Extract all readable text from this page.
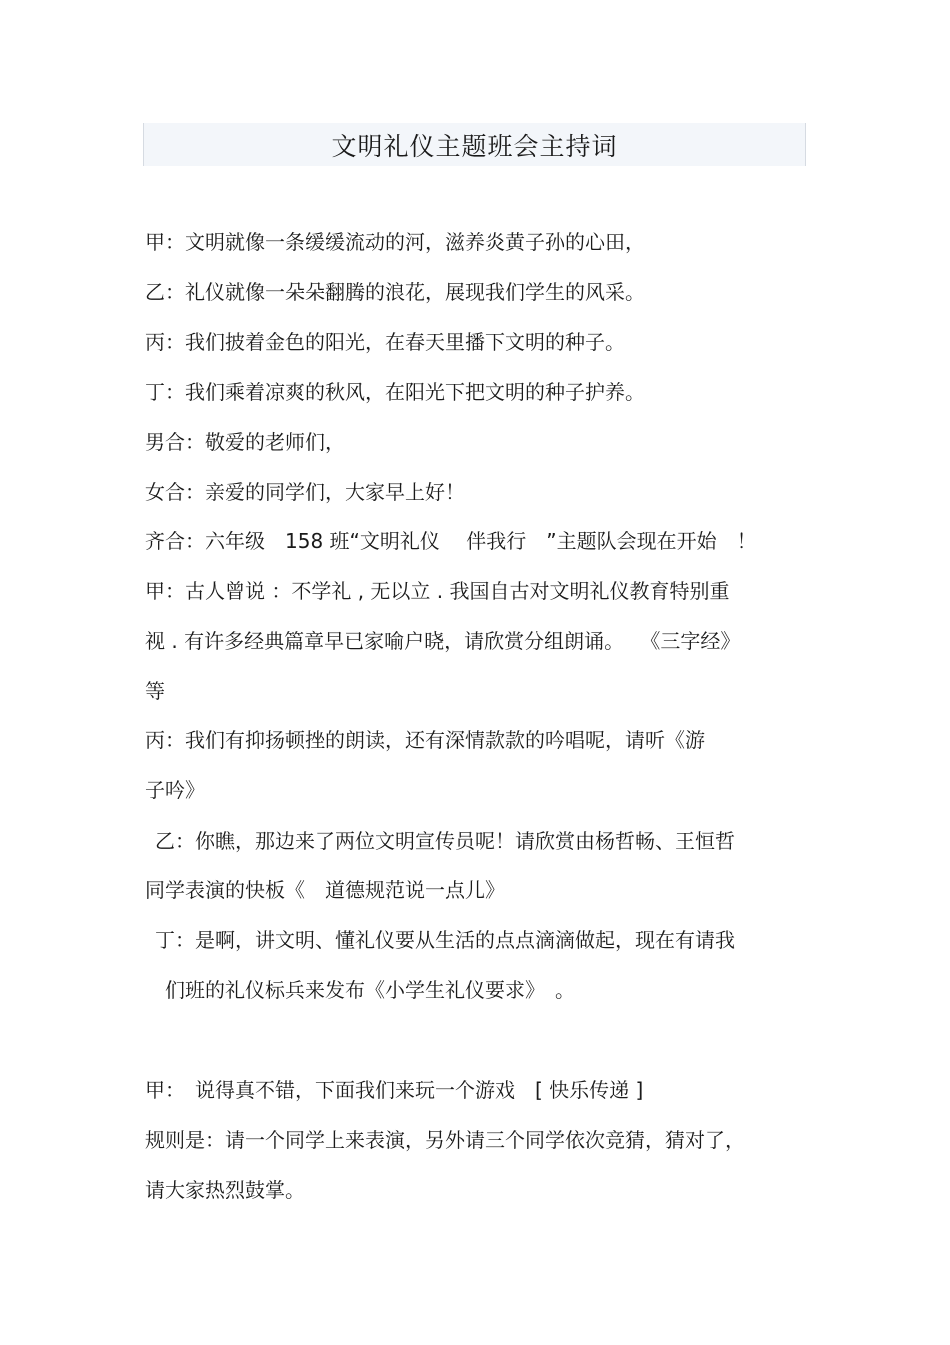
文明礼仪主题班会主持词
甲：文明就像一条缓缓流动的河，滋养炎黄子孙的心田，
乙：礼仪就像一朵朵翻腾的浪花，展现我们学生的风采。
丙：我们披着金色的阳光，在春天里播下文明的种子。
丁：我们乘着凉爽的秋风，在阳光下把文明的种子护养。
男合：敬爱的老师们，
女合：亲爱的同学们，大家早上好！
齐合：六年级　158 班“文明礼仪　 伴我行　”主题队会现在开始　！
甲：古人曾说 ：不学礼 , 无以立 . 我国自古对文明礼仪教育特别重
视 . 有许多经典篇章早已家喻户晓，请欣赏分组朗诵。　 《三字经》
等
丙：我们有抑扬顿挫的朗读，还有深情款款的吟唱呢，请听《游
子吟》
乙：你瞧，那边来了两位文明宣传员呢！请欣赏由杨哲畅、王恒哲
同学表演的快板《　道德规范说一点儿》
丁：是啊，讲文明、懂礼仪要从生活的点点滴滴做起，现在有请我
们班的礼仪标兵来发布《小学生礼仪要求》　。
甲：　说得真不错，下面我们来玩一个游戏　[ 快乐传递 ]
规则是：请一个同学上来表演，另外请三个同学依次竞猜，猜对了，
请大家热烈鼓掌。
